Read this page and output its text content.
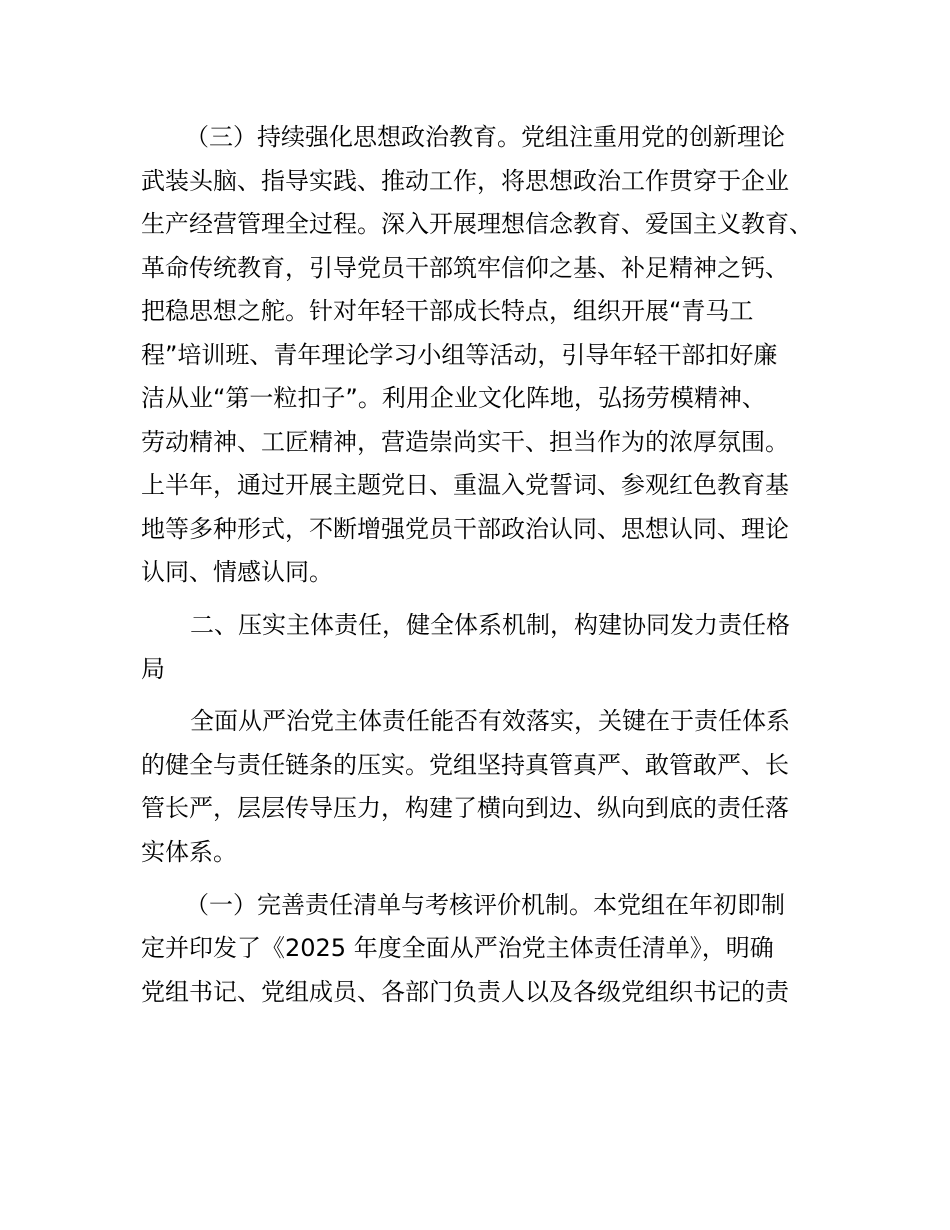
（三）持续强化思想政治教育。党组注重用党的创新理论

武装头脑、指导实践、推动工作，将思想政治工作贯穿于企业

生产经营管理全过程。深入开展理想信念教育、爱国主义教育、

革命传统教育，引导党员干部筑牢信仰之基、补足精神之钙、

把稳思想之舵。针对年轻干部成长特点，组织开展“青马工

程”培训班、青年理论学习小组等活动，引导年轻干部扣好廉

洁从业“第一粒扣子”。利用企业文化阵地，弘扬劳模精神、

劳动精神、工匠精神，营造崇尚实干、担当作为的浓厚氛围。

上半年，通过开展主题党日、重温入党誓词、参观红色教育基

地等多种形式，不断增强党员干部政治认同、思想认同、理论

认同、情感认同。

二、压实主体责任，健全体系机制，构建协同发力责任格

局

全面从严治党主体责任能否有效落实，关键在于责任体系

的健全与责任链条的压实。党组坚持真管真严、敢管敢严、长

管长严，层层传导压力，构建了横向到边、纵向到底的责任落

实体系。

（一）完善责任清单与考核评价机制。本党组在年初即制

定并印发了《2025 年度全面从严治党主体责任清单》，明确

党组书记、党组成员、各部门负责人以及各级党组织书记的责
